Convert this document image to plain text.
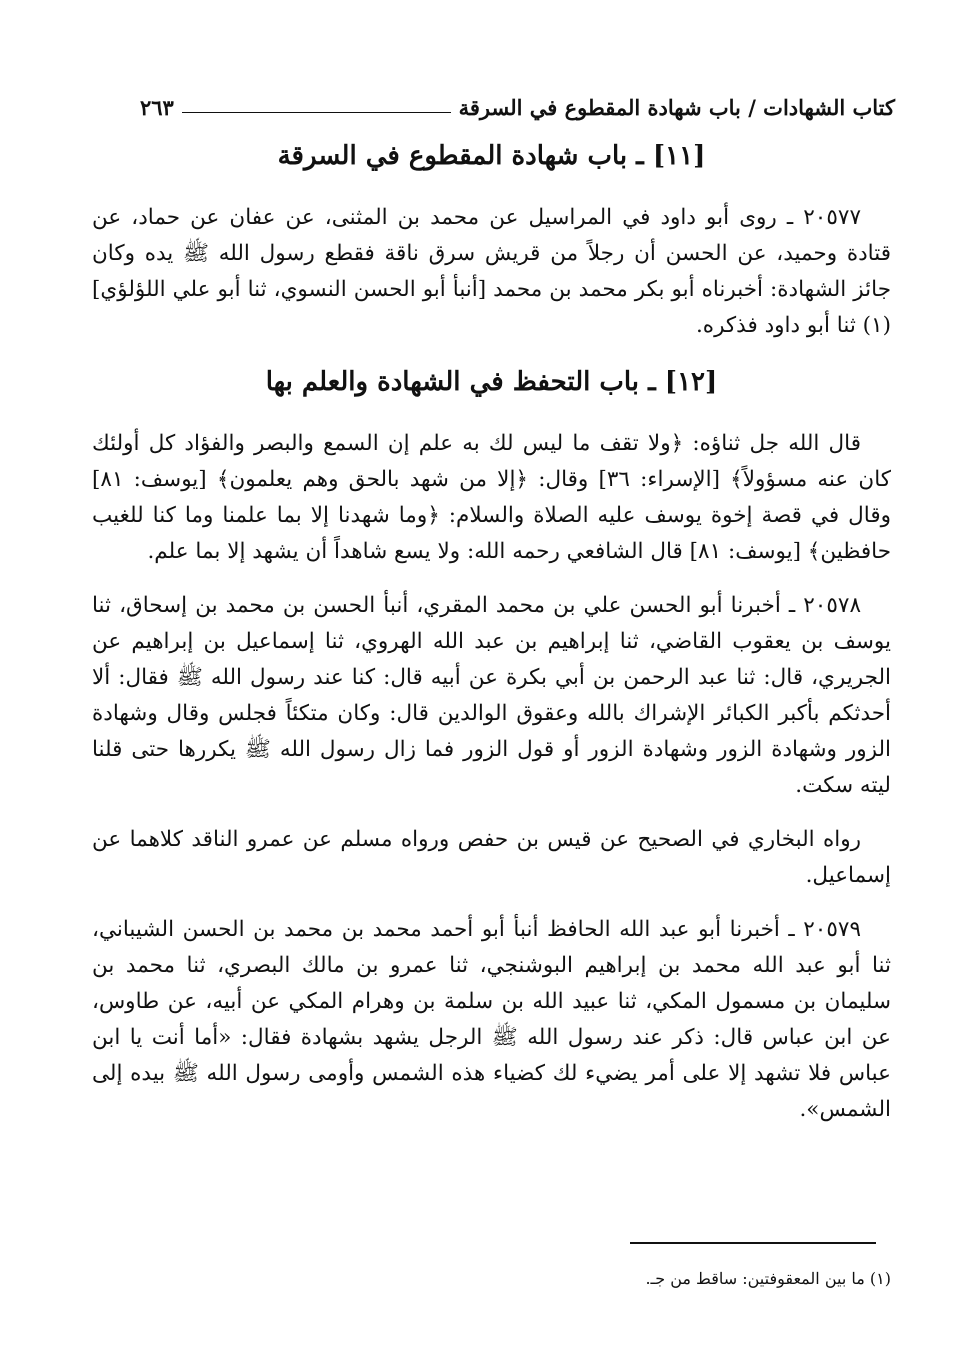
كتاب الشهادات / باب شهادة المقطوع في السرقة
٢٦٣
[١١] ـ باب شهادة المقطوع في السرقة

٢٠٥٧٧ ـ روى أبو داود في المراسيل عن محمد بن المثنى، عن عفان عن حماد، عن قتادة وحميد، عن الحسن أن رجلاً من قريش سرق ناقة فقطع رسول الله ﷺ يده وكان جائز الشهادة: أخبرناه أبو بكر محمد بن محمد [أنبأ أبو الحسن النسوي، ثنا أبو علي اللؤلؤي](١) ثنا أبو داود فذكره.

[١٢] ـ باب التحفظ في الشهادة والعلم بها

قال الله جل ثناؤه: ﴿ولا تقف ما ليس لك به علم إن السمع والبصر والفؤاد كل أولئك كان عنه مسؤولاً﴾ [الإسراء: ٣٦] وقال: ﴿إلا من شهد بالحق وهم يعلمون﴾ [يوسف: ٨١] وقال في قصة إخوة يوسف عليه الصلاة والسلام: ﴿وما شهدنا إلا بما علمنا وما كنا للغيب حافظين﴾ [يوسف: ٨١] قال الشافعي رحمه الله: ولا يسع شاهداً أن يشهد إلا بما علم.

٢٠٥٧٨ ـ أخبرنا أبو الحسن علي بن محمد المقري، أنبأ الحسن بن محمد بن إسحاق، ثنا يوسف بن يعقوب القاضي، ثنا إبراهيم بن عبد الله الهروي، ثنا إسماعيل بن إبراهيم عن الجريري، قال: ثنا عبد الرحمن بن أبي بكرة عن أبيه قال: كنا عند رسول الله ﷺ فقال: ألا أحدثكم بأكبر الكبائر الإشراك بالله وعقوق الوالدين قال: وكان متكئاً فجلس وقال وشهادة الزور وشهادة الزور وشهادة الزور أو قول الزور فما زال رسول الله ﷺ يكررها حتى قلنا ليته سكت.

رواه البخاري في الصحيح عن قيس بن حفص ورواه مسلم عن عمرو الناقد كلاهما عن إسماعيل.

٢٠٥٧٩ ـ أخبرنا أبو عبد الله الحافظ أنبأ أبو أحمد محمد بن محمد بن الحسن الشيباني، ثنا أبو عبد الله محمد بن إبراهيم البوشنجي، ثنا عمرو بن مالك البصري، ثنا محمد بن سليمان بن مسمول المكي، ثنا عبيد الله بن سلمة بن وهرام المكي عن أبيه، عن طاوس، عن ابن عباس قال: ذكر عند رسول الله ﷺ الرجل يشهد بشهادة فقال: «أما أنت يا ابن عباس فلا تشهد إلا على أمر يضيء لك كضياء هذه الشمس وأومى رسول الله ﷺ بيده إلى الشمس».

(١) ما بين المعقوفتين: ساقط من جـ.
